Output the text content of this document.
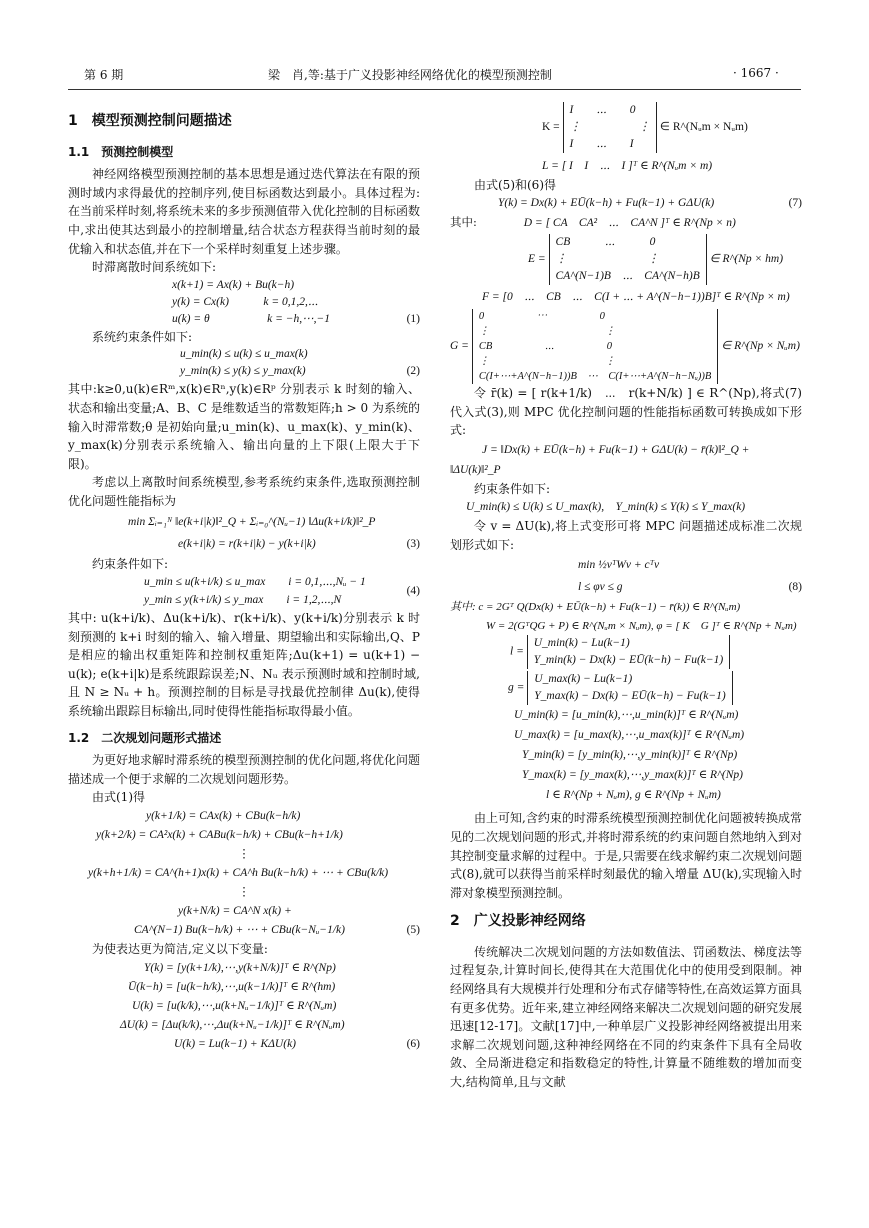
第 6 期	梁　肖,等:基于广义投影神经网络优化的模型预测控制	· 1667 ·
1　模型预测控制问题描述
1.1　预测控制模型

神经网络模型预测控制的基本思想是通过迭代算法在有限的预测时域内求得最优的控制序列,使目标函数达到最小。具体过程为:在当前采样时刻,将系统未来的多步预测值带入优化控制的目标函数中,求出使其达到最小的控制增量,结合状态方程获得当前时刻的最优输入和状态值,并在下一个采样时刻重复上述步骤。

时滞离散时间系统如下:

x(k+1) = Ax(k) + Bu(k−h)
y(k) = Cx(k)　　　k = 0,1,2,⋯
u(k) = θ　　　　　k = −h,⋯,−1	(1)

系统约束条件如下:

u_min(k) ≤ u(k) ≤ u_max(k)
y_min(k) ≤ y(k) ≤ y_max(k)	(2)

其中:k≥0,u(k)∈Rᵐ,x(k)∈Rⁿ,y(k)∈Rᵖ 分别表示 k 时刻的输入、状态和输出变量;A、B、C 是维数适当的常数矩阵;h > 0 为系统的输入时滞常数;θ 是初始向量;u_min(k)、u_max(k)、y_min(k)、y_max(k)分别表示系统输入、输出向量的上下限(上限大于下限)。

考虑以上离散时间系统模型,参考系统约束条件,选取预测控制优化问题性能指标为

min Σᵢ₌₁ᴺ ‖e(k+i|k)‖²_Q + Σᵢ₌₀^(Nᵤ−1) ‖Δu(k+i/k)‖²_P
e(k+i|k) = r(k+i|k) − y(k+i|k)	(3)

约束条件如下:

u_min ≤ u(k+i/k) ≤ u_max　　i = 0,1,⋯,Nᵤ − 1
y_min ≤ y(k+i/k) ≤ y_max　　i = 1,2,⋯,N
(4)

其中: u(k+i/k)、Δu(k+i/k)、r(k+i/k)、y(k+i/k)分别表示 k 时刻预测的 k+i 时刻的输入、输入增量、期望输出和实际输出,Q、P 是相应的输出权重矩阵和控制权重矩阵;Δu(k+1) = u(k+1) − u(k); e(k+i|k)是系统跟踪误差;N、Nᵤ 表示预测时域和控制时域,且 N ≥ Nᵤ + h。预测控制的目标是寻找最优控制律 Δu(k),使得系统输出跟踪目标输出,同时使得性能指标取得最小值。

1.2　二次规划问题形式描述

为更好地求解时滞系统的模型预测控制的优化问题,将优化问题描述成一个便于求解的二次规划问题形势。

由式(1)得

y(k+1/k) = CAx(k) + CBu(k−h/k)
y(k+2/k) = CA²x(k) + CABu(k−h/k) + CBu(k−h+1/k)
⋮
y(k+h+1/k) = CA^(h+1)x(k) + CA^h Bu(k−h/k) + ⋯ + CBu(k/k)
⋮
y(k+N/k) = CA^N x(k) +
CA^(N−1) Bu(k−h/k) + ⋯ + CBu(k−Nᵤ−1/k)	(5)

为使表达更为简洁,定义以下变量:

Y(k) = [y(k+1/k),⋯,y(k+N/k)]ᵀ ∈ R^(Np)
Ū(k−h) = [u(k−h/k),⋯,u(k−1/k)]ᵀ ∈ R^(hm)
U(k) = [u(k/k),⋯,u(k+Nᵤ−1/k)]ᵀ ∈ R^(Nᵤm)
ΔU(k) = [Δu(k/k),⋯,Δu(k+Nᵤ−1/k)]ᵀ ∈ R^(Nᵤm)
U(k) = Lu(k−1) + KΔU(k)	(6)
K =
I　　⋯　　0
⋮　　　　　⋮
I　　⋯　　I
∈ R^(Nᵤm × Nᵤm)
L = [ I　I　⋯　I ]ᵀ ∈ R^(Nᵤm × m)

由式(5)和(6)得

Y(k) = Dx(k) + EŪ(k−h) + Fu(k−1) + GΔU(k)	(7)
其中:	D = [ CA　CA²　⋯　CA^N ]ᵀ ∈ R^(Np × n)
E =
CB　　　⋯　　　0
⋮　　　　　　　⋮
CA^(N−1)B　⋯　CA^(N−h)B
∈ R^(Np × hm)
F = [0　⋯　CB　⋯　C(I + ⋯ + A^(N−h−1))B]ᵀ ∈ R^(Np × m)
G =
0　　　　　⋯　　　　　0
⋮　　　　　　　　　　　⋮
CB　　　　　⋯　　　　　0
⋮　　　　　　　　　　　⋮
C(I+⋯+A^(N−h−1))B　⋯　C(I+⋯+A^(N−h−Nᵤ))B
∈ R^(Np × Nᵤm)

令 r̄(k) = [ r(k+1/k)　⋯　r(k+N/k) ] ∈ R^(Np),将式(7)代入式(3),则 MPC 优化控制问题的性能指标函数可转换成如下形式:

J = ‖Dx(k) + EŪ(k−h) + Fu(k−1) + GΔU(k) − r̄(k)‖²_Q +
‖ΔU(k)‖²_P

约束条件如下:

U_min(k) ≤ U(k) ≤ U_max(k),　Y_min(k) ≤ Y(k) ≤ Y_max(k)

令 v = ΔU(k),将上式变形可将 MPC 问题描述成标准二次规划形式如下:

min ½vᵀWv + cᵀv
l ≤ φv ≤ g	(8)
其中: c = 2Gᵀ Q(Dx(k) + EŪ(k−h) + Fu(k−1) − r̄(k)) ∈ R^(Nᵤm)
W = 2(GᵀQG + P) ∈ R^(Nᵤm × Nᵤm), φ = [ K　G ]ᵀ ∈ R^(Np + Nᵤm)
l =
U_min(k) − Lu(k−1)
Y_min(k) − Dx(k) − EŪ(k−h) − Fu(k−1)
g =
U_max(k) − Lu(k−1)
Y_max(k) − Dx(k) − EŪ(k−h) − Fu(k−1)
U_min(k) = [u_min(k),⋯,u_min(k)]ᵀ ∈ R^(Nᵤm)
U_max(k) = [u_max(k),⋯,u_max(k)]ᵀ ∈ R^(Nᵤm)
Y_min(k) = [y_min(k),⋯,y_min(k)]ᵀ ∈ R^(Np)
Y_max(k) = [y_max(k),⋯,y_max(k)]ᵀ ∈ R^(Np)
l ∈ R^(Np + Nᵤm), g ∈ R^(Np + Nᵤm)

由上可知,含约束的时滞系统模型预测控制优化问题被转换成常见的二次规划问题的形式,并将时滞系统的约束问题自然地纳入到对其控制变量求解的过程中。于是,只需要在线求解约束二次规划问题式(8),就可以获得当前采样时刻最优的输入增量 ΔU(k),实现输入时滞对象模型预测控制。

2　广义投影神经网络

传统解决二次规划问题的方法如数值法、罚函数法、梯度法等过程复杂,计算时间长,使得其在大范围优化中的使用受到限制。神经网络具有大规模并行处理和分布式存储等特性,在高效运算方面具有更多优势。近年来,建立神经网络来解决二次规划问题的研究发展迅速[12-17]。文献[17]中,一种单层广义投影神经网络被提出用来求解二次规划问题,这种神经网络在不同的约束条件下具有全局收敛、全局渐进稳定和指数稳定的特性,计算量不随维数的增加而变大,结构简单,且与文献
